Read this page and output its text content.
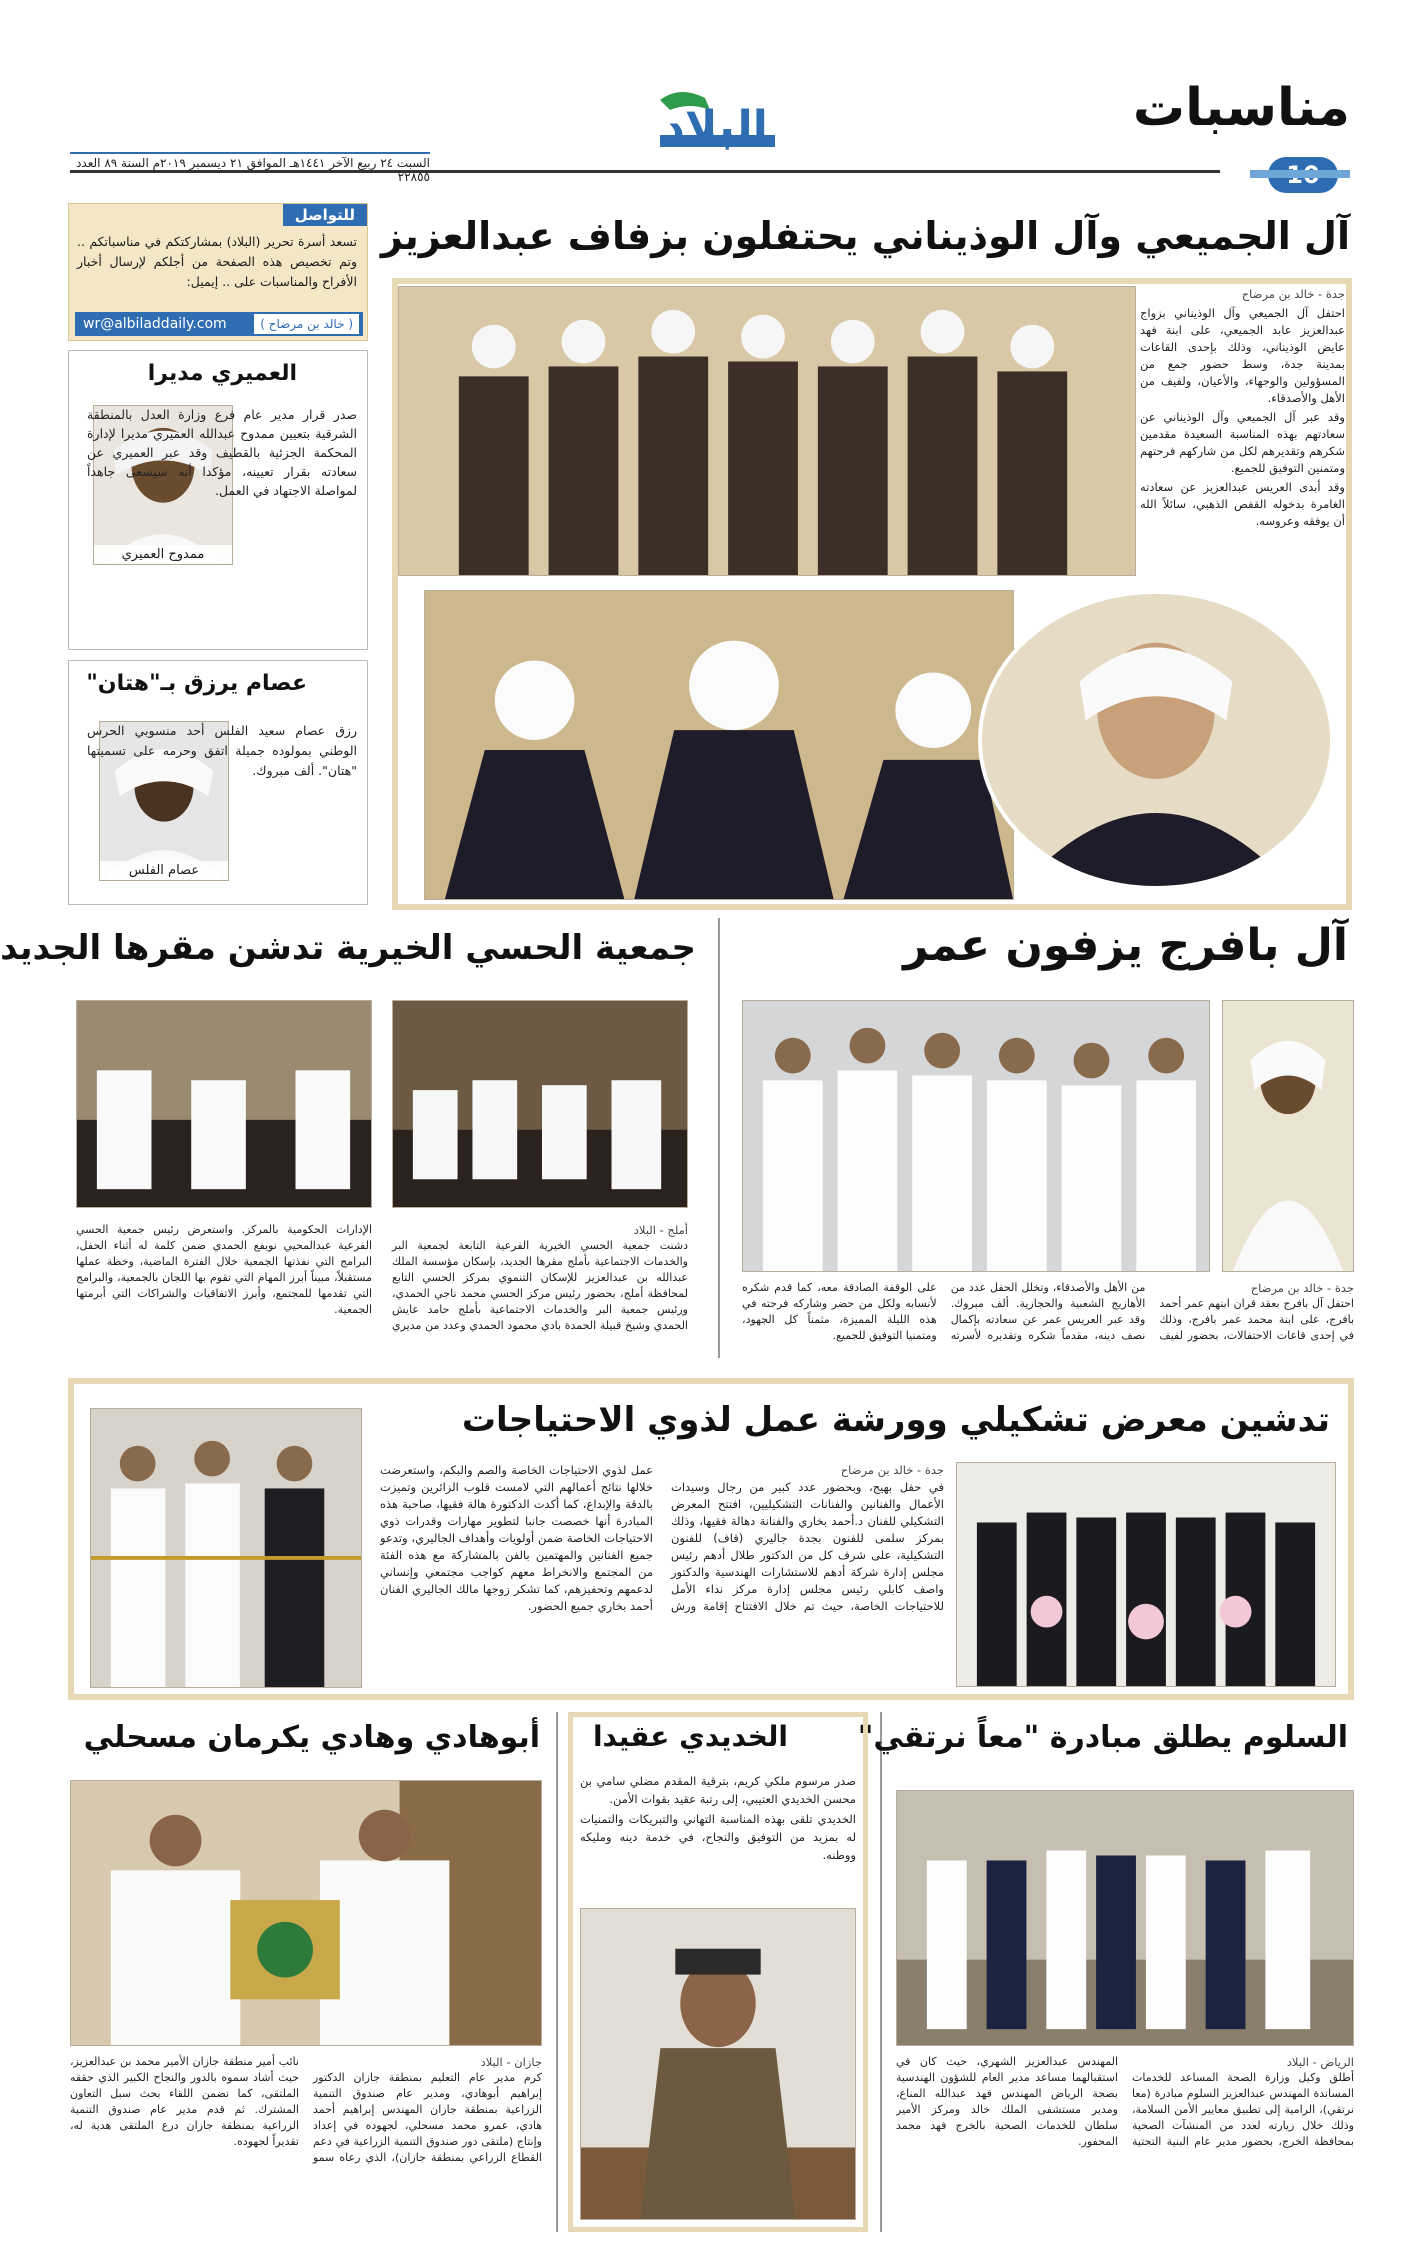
مناسبات
البلاد
السبت ٢٤ ربيع الآخر ١٤٤١هـ الموافق ٢١ ديسمبر ٢٠١٩م السنة ٨٩ العدد ٢٢٨٥٥
للتواصل
تسعد أسرة تحرير (البلاد) بمشاركتكم في مناسباتكم .. وتم تخصيص هذه الصفحة من أجلكم لإرسال أخبار الأفراح والمناسبات على .. إيميل:
wr@albiladdaily.com	( خالد بن مرضاح )
العميري مديرا
ممدوح العميري
صدر قرار مدير عام فرع وزارة العدل بالمنطقة الشرقية بتعيين ممدوح عبدالله العميري مديرا لإدارة المحكمة الجزئية بالقطيف وقد عبر العميري عن سعادته بقرار تعيينه، مؤكدا أنه سيسعى جاهداً لمواصلة الاجتهاد في العمل.
عصام يرزق بـ"هتان"
عصام الفلس
رزق عصام سعيد الفلس أحد منسوبي الحرس الوطني بمولوده جميلة اتفق وحرمه على تسميتها "هتان". ألف مبروك.
آل الجميعي وآل الوذيناني يحتفلون بزفاف عبدالعزيز

جدة - خالد بن مرضاح

احتفل آل الجميعي وآل الوذيناني بزواج عبدالعزيز عابد الجميعي، على ابنة فهد عايض الوذيناني، وذلك بإحدى القاعات بمدينة جدة، وسط حضور جمع من المسؤولين والوجهاء، والأعيان، ولفيف من الأهل والأصدقاء.

وقد عبر آل الجميعي وآل الوذيناني عن سعادتهم بهذه المناسبة السعيدة مقدمين شكرهم وتقديرهم لكل من شاركهم فرحتهم ومتمنين التوفيق للجميع.

وقد أبدى العريس عبدالعزيز عن سعادته الغامرة بدخوله القفص الذهبي، سائلاً الله أن يوفقه وعروسه.

آل بافرج يزفون عمر
جدة - خالد بن مرضاح
احتفل آل بافرج بعقد قران ابنهم عمر أحمد بافرج، على ابنة محمد عمر بافرج، وذلك في إحدى قاعات الاحتفالات، بحضور لفيف من الأهل والأصدقاء، وتخلل الحفل عدد من الأهازيج الشعبية والحجازية. ألف مبروك. وقد عبر العريس عمر عن سعادته بإكمال نصف دينه، مقدماً شكره وتقديره لأسرته على الوقفة الصادقة معه، كما قدم شكره لأنسابه ولكل من حضر وشاركه فرحته في هذه الليلة المميزة، مثمناً كل الجهود، ومتمنيا التوفيق للجميع.
جمعية الحسي الخيرية تدشن مقرها الجديد
أملج - البلاد
دشنت جمعية الحسي الخيرية الفرعية التابعة لجمعية البر والخدمات الاجتماعية بأملج مقرها الجديد، بإسكان مؤسسة الملك عبدالله بن عبدالعزيز للإسكان التنموي بمركز الحسي التابع لمحافظة أملج، بحضور رئيس مركز الحسي محمد ناجي الحمدي، ورئيس جمعية البر والخدمات الاجتماعية بأملج حامد عايش الحمدي وشيخ قبيلة الحمدة بادي محمود الحمدي وعدد من مديري الإدارات الحكومية بالمركز. واستعرض رئيس جمعية الحسي الفرعية عبدالمحيي نويفع الحمدي ضمن كلمة له أثناء الحفل، البرامج التي نفذتها الجمعية خلال الفترة الماضية، وخطة عملها مستقبلاً، مبيناً أبرز المهام التي تقوم بها اللجان بالجمعية، والبرامج التي تقدمها للمجتمع، وأبرز الاتفاقيات والشراكات التي أبرمتها الجمعية.
تدشين معرض تشكيلي وورشة عمل لذوي الاحتياجات
جدة - خالد بن مرضاح
في حفل بهيج، وبحضور عدد كبير من رجال وسيدات الأعمال والفنانين والفنانات التشكيليين، افتتح المعرض التشكيلي للفنان د.أحمد بخاري والفنانة دهالة فقيها، وذلك بمركز سلمى للفنون بجدة جاليري (قاف) للفنون التشكيلية، على شرف كل من الدكتور طلال أدهم رئيس مجلس إدارة شركة أدهم للاستشارات الهندسية والدكتور واصف كابلي رئيس مجلس إدارة مركز نداء الأمل للاحتياجات الخاصة، حيث تم خلال الافتتاح إقامة ورش عمل لذوي الاحتياجات الخاصة والصم والبكم، واستعرضت خلالها نتائج أعمالهم التي لامست قلوب الزائرين وتميزت بالدقة والإبداع، كما أكدت الدكتورة هالة فقيها، صاحبة هذه المبادرة أنها خصصت جانبا لتطوير مهارات وقدرات ذوي الاحتياجات الخاصة ضمن أولويات وأهداف الجاليري، وتدعو جميع الفنانين والمهتمين بالفن بالمشاركة مع هذه الفئة من المجتمع والانخراط معهم كواجب مجتمعي وإنساني لدعمهم وتحفيزهم، كما تشكر زوجها مالك الجاليري الفنان أحمد بخاري جميع الحضور.
السلوم يطلق مبادرة "معاً نرتقي"
الرياض - البلاد
أطلق وكيل وزارة الصحة المساعد للخدمات المساندة المهندس عبدالعزيز السلوم مبادرة (معا نرتقي)، الرامية إلى تطبيق معايير الأمن السلامة، وذلك خلال زيارته لعدد من المنشآت الصحية بمحافظة الخرج، بحضور مدير عام البنية التحتية المهندس عبدالعزيز الشهري، حيث كان في استقبالهما مساعد مدير العام للشؤون الهندسية بصحة الرياض المهندس فهد عبدالله المناع، ومدير مستشفى الملك خالد ومركز الأمير سلطان للخدمات الصحية بالخرج فهد محمد المحفور.
الخديدي عقيدا

صدر مرسوم ملكي كريم، بترقية المقدم مضلي سامي بن محسن الخديدي العتيبي، إلى رتبة عقيد بقوات الأمن.

الخديدي تلقى بهذه المناسبة التهاني والتبريكات والتمنيات له بمزيد من التوفيق والنجاح، في خدمة دينه ومليكه ووطنه.

أبوهادي وهادي يكرمان مسحلي
جازان - البلاد
كرم مدير عام التعليم بمنطقة جازان الدكتور إبراهيم أبوهادي، ومدير عام صندوق التنمية الزراعية بمنطقة جازان المهندس إبراهيم أحمد هادي، عمرو محمد مسحلي، لجهوده في إعداد وإنتاج (ملتقى دور صندوق التنمية الزراعية في دعم القطاع الزراعي بمنطقة جازان)، الذي رعاه سمو نائب أمير منطقة جازان الأمير محمد بن عبدالعزيز، حيث أشاد سموه بالدور والنجاح الكبير الذي حققه الملتقى، كما تضمن اللقاء بحث سبل التعاون المشترك. ثم قدم مدير عام صندوق التنمية الزراعية بمنطقة جازان درع الملتقى هدية له، تقديراً لجهوده.
